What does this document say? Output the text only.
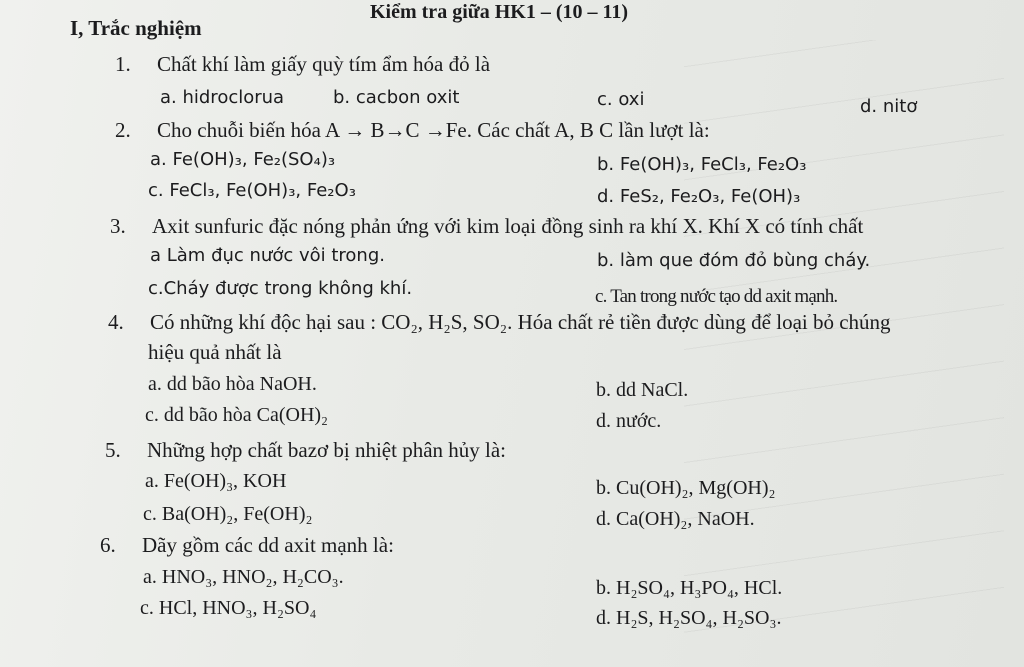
Kiểm tra giữa HK1 – (10 – 11)
I, Trắc nghiệm
1. Chất khí làm giấy quỳ tím ẩm hóa đỏ là
a. hidroclorua	b. cacbon oxit	c. oxi	d. nitơ
2. Cho chuỗi biến hóa A → B→C →Fe. Các chất A, B C lần lượt là:
a. Fe(OH)₃, Fe₂(SO₄)₃	b. Fe(OH)₃, FeCl₃, Fe₂O₃
c. FeCl₃, Fe(OH)₃, Fe₂O₃	d. FeS₂, Fe₂O₃, Fe(OH)₃
3. Axit sunfuric đặc nóng phản ứng với kim loại đồng sinh ra khí X. Khí X có tính chất
a Làm đục nước vôi trong.	b. làm que đóm đỏ bùng cháy.
c.Cháy được trong không khí.	c. Tan trong nước tạo dd axit mạnh.
4. Có những khí độc hại sau : CO₂, H₂S, SO₂. Hóa chất rẻ tiền được dùng để loại bỏ chúng
hiệu quả nhất là
a. dd bão hòa NaOH.	b. dd NaCl.
c. dd bão hòa Ca(OH)₂	d. nước.
5. Những hợp chất bazơ bị nhiệt phân hủy là:
a. Fe(OH)₃, KOH	b. Cu(OH)₂, Mg(OH)₂
c. Ba(OH)₂, Fe(OH)₂	d. Ca(OH)₂, NaOH.
6. Dãy gồm các dd axit mạnh là:
a. HNO₃, HNO₂, H₂CO₃.	b. H₂SO₄, H₃PO₄, HCl.
c. HCl, HNO₃, H₂SO₄	d. H₂S, H₂SO₄, H₂SO₃.
